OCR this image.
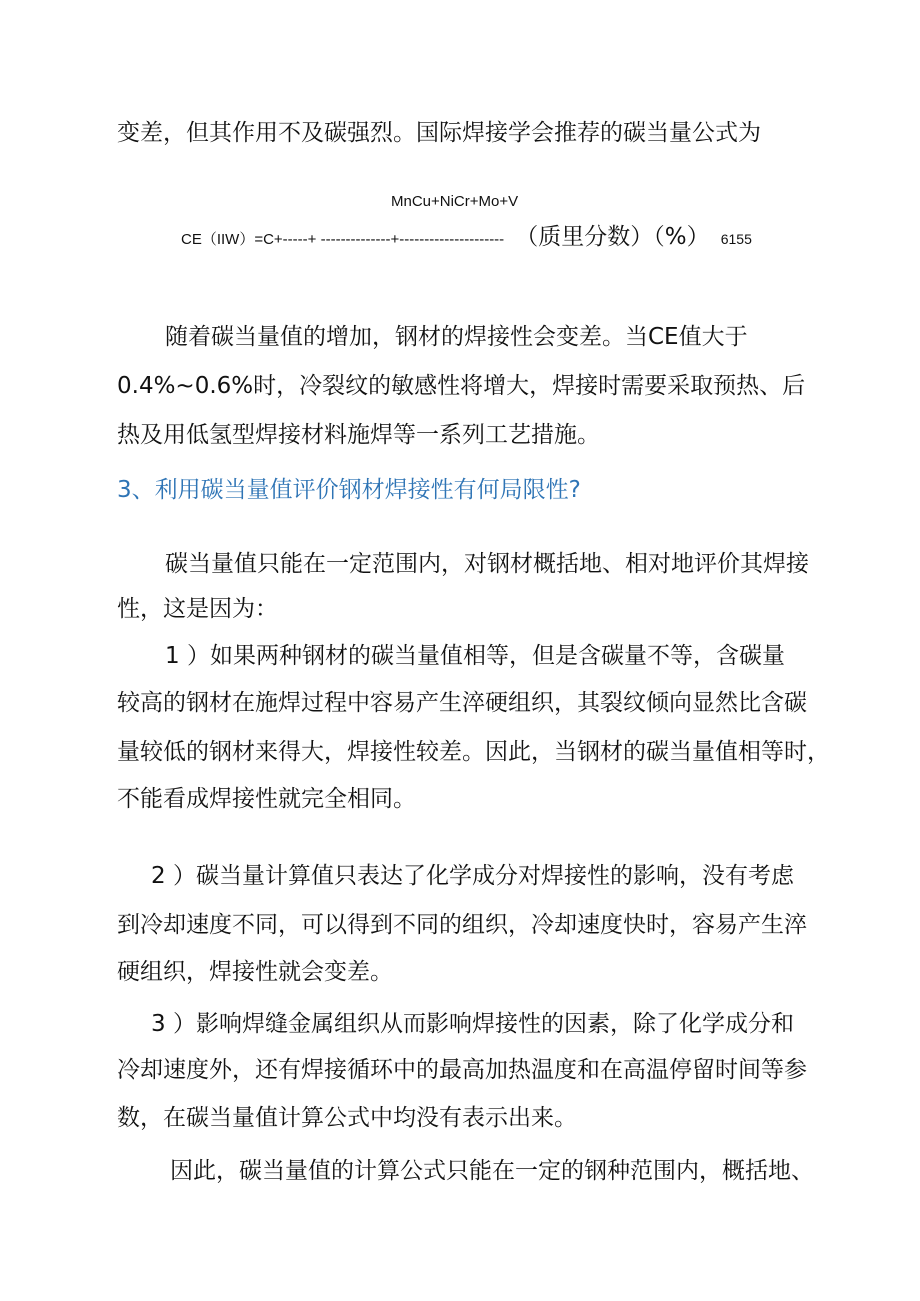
变差，但其作用不及碳强烈。国际焊接学会推荐的碳当量公式为

MnCu+NiCr+Mo+V
CE（IIW）=C+-----+ --------------+--------------------- （质里分数）（%） 6155

随着碳当量值的增加，钢材的焊接性会变差。当CE值大于

0.4%~0.6%时，冷裂纹的敏感性将增大，焊接时需要采取预热、后

热及用低氢型焊接材料施焊等一系列工艺措施。

3、利用碳当量值评价钢材焊接性有何局限性?

碳当量值只能在一定范围内，对钢材概括地、相对地评价其焊接

性，这是因为：

1 ）如果两种钢材的碳当量值相等，但是含碳量不等，含碳量

较高的钢材在施焊过程中容易产生淬硬组织，其裂纹倾向显然比含碳

量较低的钢材来得大，焊接性较差。因此，当钢材的碳当量值相等时，

不能看成焊接性就完全相同。

2 ）碳当量计算值只表达了化学成分对焊接性的影响，没有考虑

到冷却速度不同，可以得到不同的组织，冷却速度快时，容易产生淬

硬组织，焊接性就会变差。

3 ）影响焊缝金属组织从而影响焊接性的因素，除了化学成分和

冷却速度外，还有焊接循环中的最高加热温度和在高温停留时间等参

数，在碳当量值计算公式中均没有表示出来。

因此，碳当量值的计算公式只能在一定的钢种范围内，概括地、
